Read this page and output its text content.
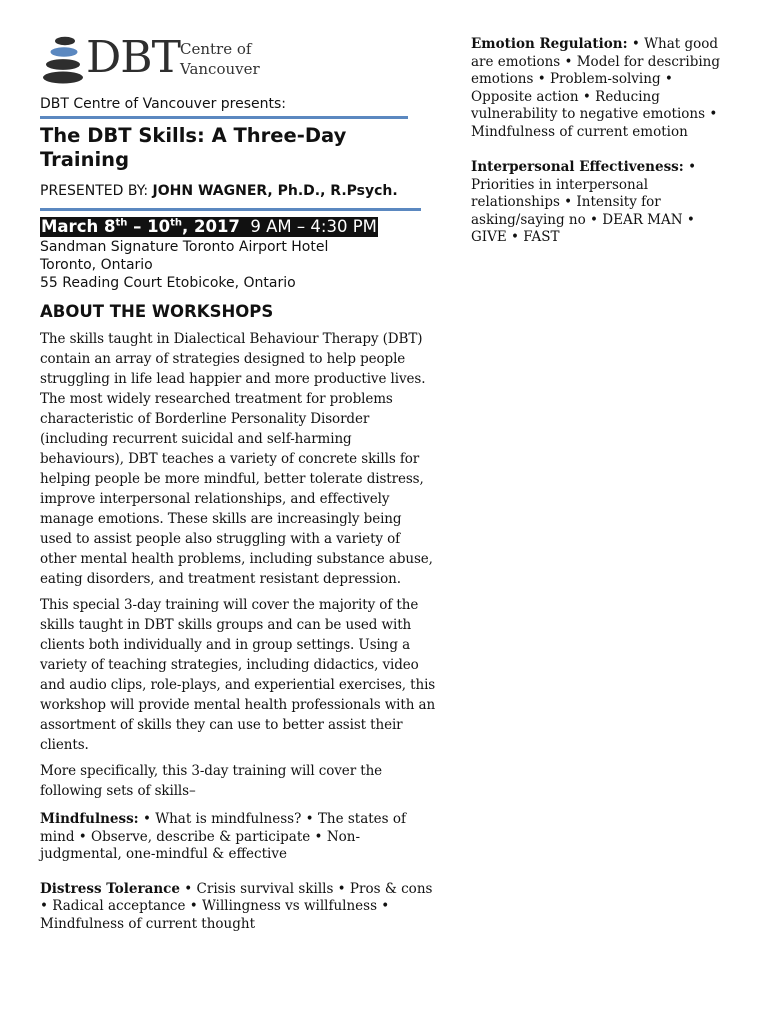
DBT Centre of
Vancouver
DBT Centre of Vancouver presents:
The DBT Skills: A Three-Day Training
PRESENTED BY: JOHN WAGNER, Ph.D., R.Psych.
March 8th – 10th, 2017 9 AM – 4:30 PM
Sandman Signature Toronto Airport Hotel
Toronto, Ontario
55 Reading Court Etobicoke, Ontario
ABOUT THE WORKSHOPS

The skills taught in Dialectical Behaviour Therapy (DBT) contain an array of strategies designed to help people struggling in life lead happier and more productive lives. The most widely researched treatment for problems characteristic of Borderline Personality Disorder (including recurrent suicidal and self-harming behaviours), DBT teaches a variety of concrete skills for helping people be more mindful, better tolerate distress, improve interpersonal relationships, and effectively manage emotions. These skills are increasingly being used to assist people also struggling with a variety of other mental health problems, including substance abuse, eating disorders, and treatment resistant depression.

This special 3-day training will cover the majority of the skills taught in DBT skills groups and can be used with clients both individually and in group settings. Using a variety of teaching strategies, including didactics, video and audio clips, role-plays, and experiential exercises, this workshop will provide mental health professionals with an assortment of skills they can use to better assist their clients.

More specifically, this 3-day training will cover the following sets of skills–

Mindfulness: • What is mindfulness? • The states of mind • Observe, describe & participate • Non-judgmental, one-mindful & effective

Distress Tolerance • Crisis survival skills • Pros & cons • Radical acceptance • Willingness vs willfulness • Mindfulness of current thought

Emotion Regulation: • What good are emotions • Model for describing emotions • Problem-solving • Opposite action • Reducing vulnerability to negative emotions • Mindfulness of current emotion

Interpersonal Effectiveness: • Priorities in interpersonal relationships • Intensity for asking/saying no • DEAR MAN • GIVE • FAST
